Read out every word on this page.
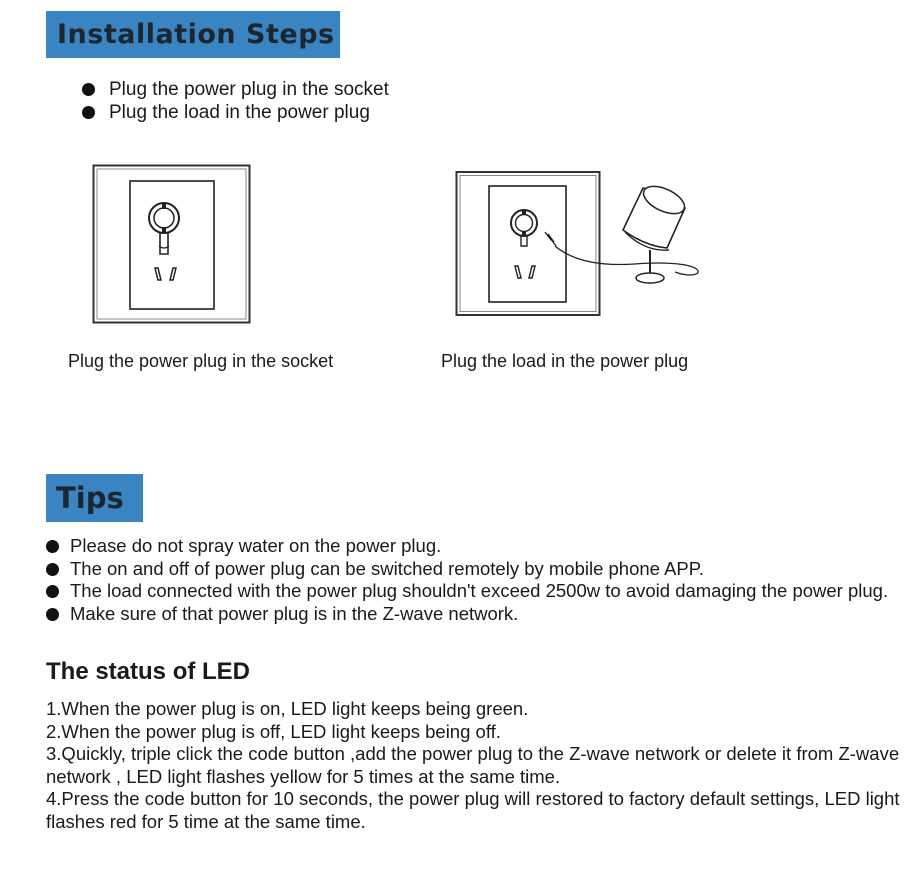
Installation Steps
Plug the power plug in the socket
Plug the load in the power plug
Plug the power plug in the socket	Plug the load in the power plug
Tips
Please do not spray water on the power plug.
The on and off of power plug can be switched remotely by mobile phone APP.
The load connected with the power plug shouldn't exceed 2500w to avoid damaging the power plug.
Make sure of that power plug is in the Z-wave network.
The status of LED
1.When the power plug is on, LED light keeps being green.
2.When the power plug is off, LED light keeps being off.
3.Quickly, triple click the code button ,add the power plug to the Z-wave network or delete it from Z-wave network , LED light flashes yellow for 5 times at the same time.
4.Press the code button for 10 seconds, the power plug will restored to factory default settings, LED light flashes red for 5 time at the same time.
